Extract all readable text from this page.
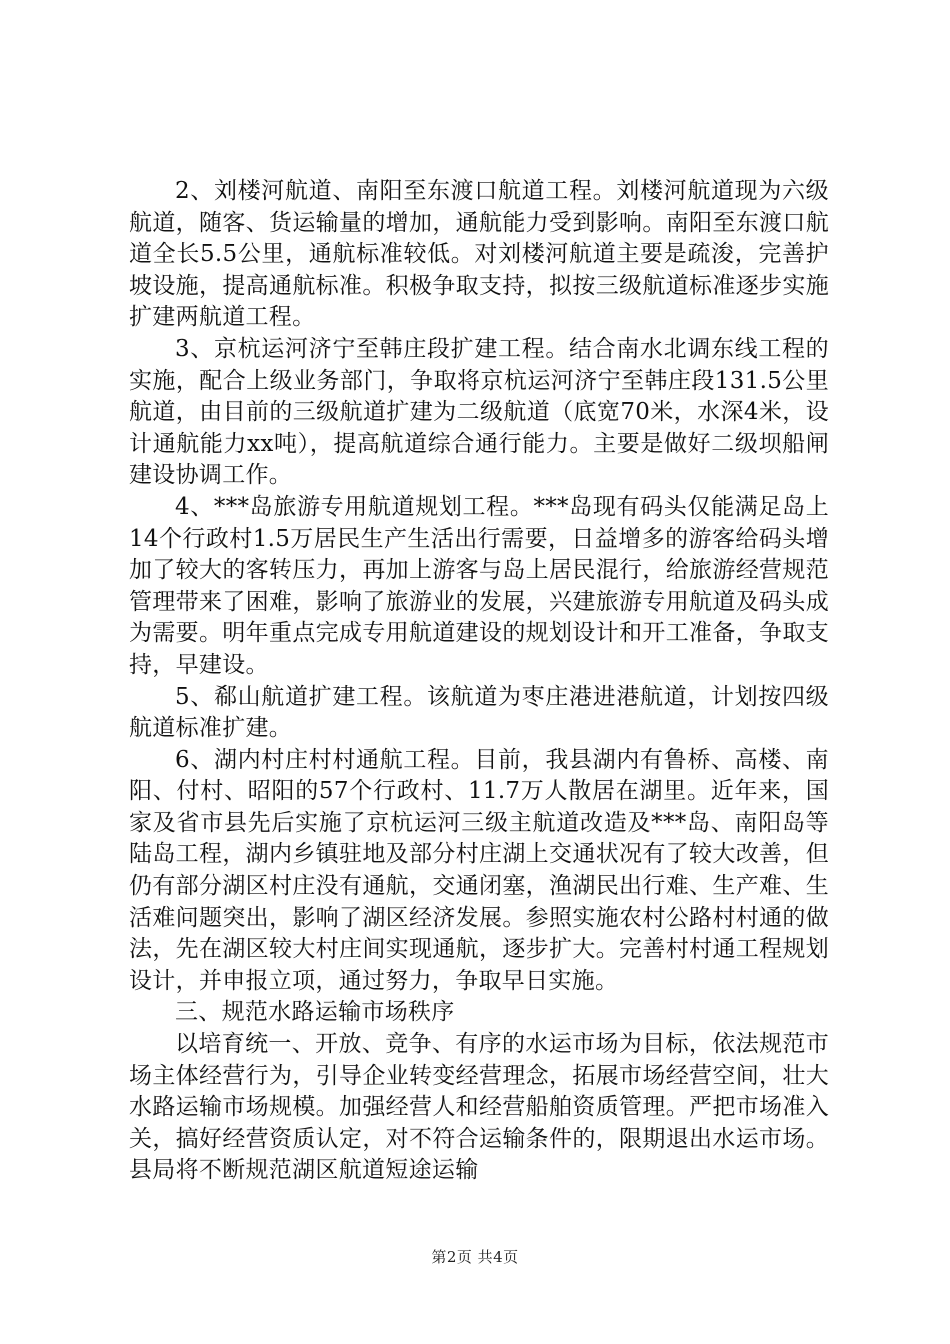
2、刘楼河航道、南阳至东渡口航道工程。刘楼河航道现为六级航道，随客、货运输量的增加，通航能力受到影响。南阳至东渡口航道全长5.5公里，通航标准较低。对刘楼河航道主要是疏浚，完善护坡设施，提高通航标准。积极争取支持，拟按三级航道标准逐步实施扩建两航道工程。

3、京杭运河济宁至韩庄段扩建工程。结合南水北调东线工程的实施，配合上级业务部门，争取将京杭运河济宁至韩庄段131.5公里航道，由目前的三级航道扩建为二级航道（底宽70米，水深4米，设计通航能力xx吨），提高航道综合通行能力。主要是做好二级坝船闸建设协调工作。

4、***岛旅游专用航道规划工程。***岛现有码头仅能满足岛上14个行政村1.5万居民生产生活出行需要，日益增多的游客给码头增加了较大的客转压力，再加上游客与岛上居民混行，给旅游经营规范管理带来了困难，影响了旅游业的发展，兴建旅游专用航道及码头成为需要。明年重点完成专用航道建设的规划设计和开工准备，争取支持，早建设。

5、郗山航道扩建工程。该航道为枣庄港进港航道，计划按四级航道标准扩建。

6、湖内村庄村村通航工程。目前，我县湖内有鲁桥、高楼、南阳、付村、昭阳的57个行政村、11.7万人散居在湖里。近年来，国家及省市县先后实施了京杭运河三级主航道改造及***岛、南阳岛等陆岛工程，湖内乡镇驻地及部分村庄湖上交通状况有了较大改善，但仍有部分湖区村庄没有通航，交通闭塞，渔湖民出行难、生产难、生活难问题突出，影响了湖区经济发展。参照实施农村公路村村通的做法，先在湖区较大村庄间实现通航，逐步扩大。完善村村通工程规划设计，并申报立项，通过努力，争取早日实施。

三、规范水路运输市场秩序

以培育统一、开放、竞争、有序的水运市场为目标，依法规范市场主体经营行为，引导企业转变经营理念，拓展市场经营空间，壮大水路运输市场规模。加强经营人和经营船舶资质管理。严把市场准入关，搞好经营资质认定，对不符合运输条件的，限期退出水运市场。县局将不断规范湖区航道短途运输

第2页 共4页
